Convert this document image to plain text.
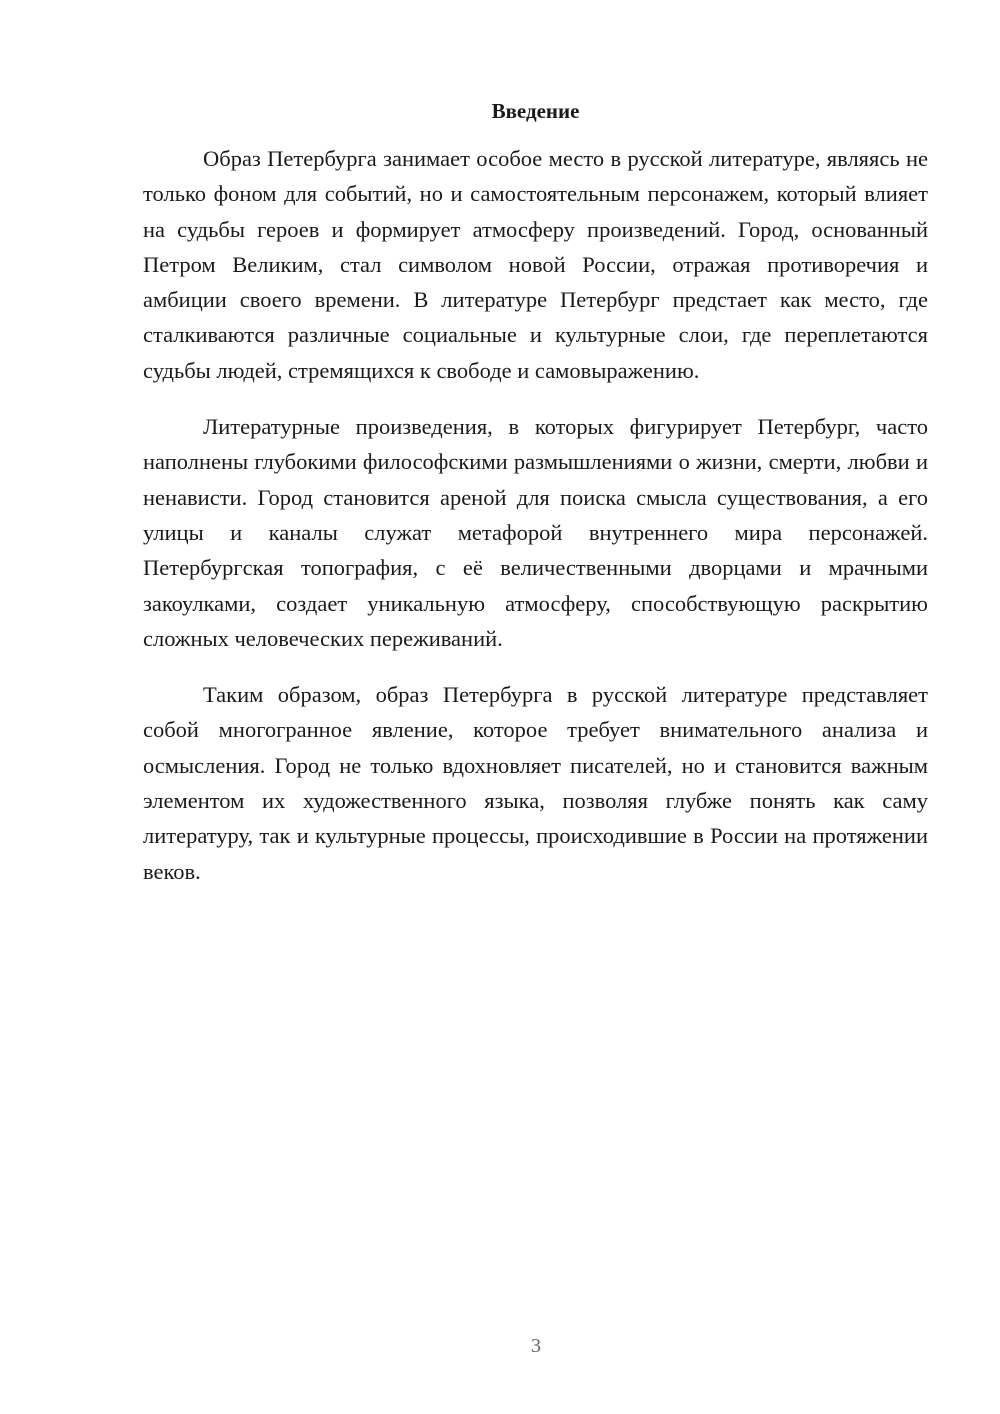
Введение

Образ Петербурга занимает особое место в русской литературе, являясь не только фоном для событий, но и самостоятельным персонажем, который влияет на судьбы героев и формирует атмосферу произведений. Город, основанный Петром Великим, стал символом новой России, отражая противоречия и амбиции своего времени. В литературе Петербург предстает как место, где сталкиваются различные социальные и культурные слои, где переплетаются судьбы людей, стремящихся к свободе и самовыражению.

Литературные произведения, в которых фигурирует Петербург, часто наполнены глубокими философскими размышлениями о жизни, смерти, любви и ненависти. Город становится ареной для поиска смысла существования, а его улицы и каналы служат метафорой внутреннего мира персонажей. Петербургская топография, с её величественными дворцами и мрачными закоулками, создает уникальную атмосферу, способствующую раскрытию сложных человеческих переживаний.

Таким образом, образ Петербурга в русской литературе представляет собой многогранное явление, которое требует внимательного анализа и осмысления. Город не только вдохновляет писателей, но и становится важным элементом их художественного языка, позволяя глубже понять как саму литературу, так и культурные процессы, происходившие в России на протяжении веков.

3
